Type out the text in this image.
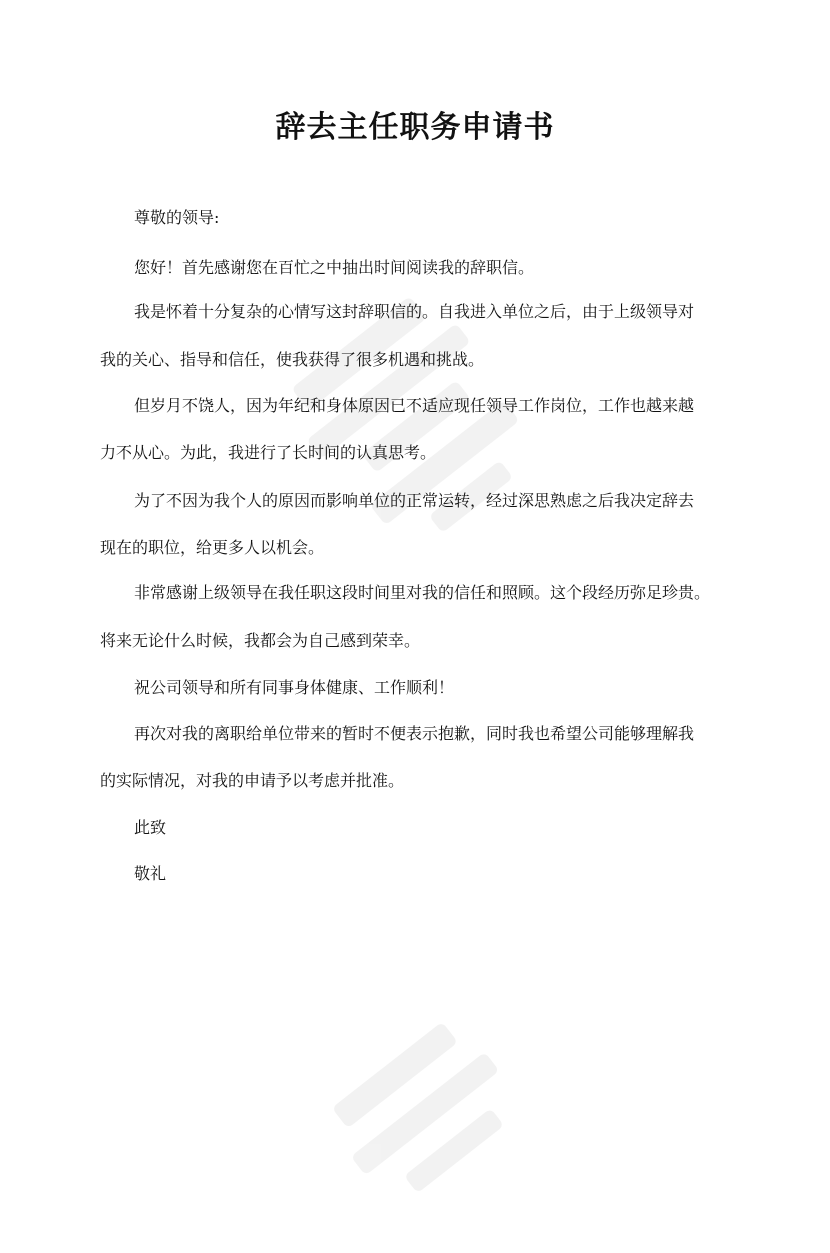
辞去主任职务申请书
尊敬的领导:
您好！首先感谢您在百忙之中抽出时间阅读我的辞职信。
我是怀着十分复杂的心情写这封辞职信的。自我进入单位之后，由于上级领导对
我的关心、指导和信任，使我获得了很多机遇和挑战。
但岁月不饶人，因为年纪和身体原因已不适应现任领导工作岗位，工作也越来越
力不从心。为此，我进行了长时间的认真思考。
为了不因为我个人的原因而影响单位的正常运转，经过深思熟虑之后我决定辞去
现在的职位，给更多人以机会。
非常感谢上级领导在我任职这段时间里对我的信任和照顾。这个段经历弥足珍贵。
将来无论什么时候，我都会为自己感到荣幸。
祝公司领导和所有同事身体健康、工作顺利！
再次对我的离职给单位带来的暂时不便表示抱歉，同时我也希望公司能够理解我
的实际情况，对我的申请予以考虑并批准。
此致
敬礼
